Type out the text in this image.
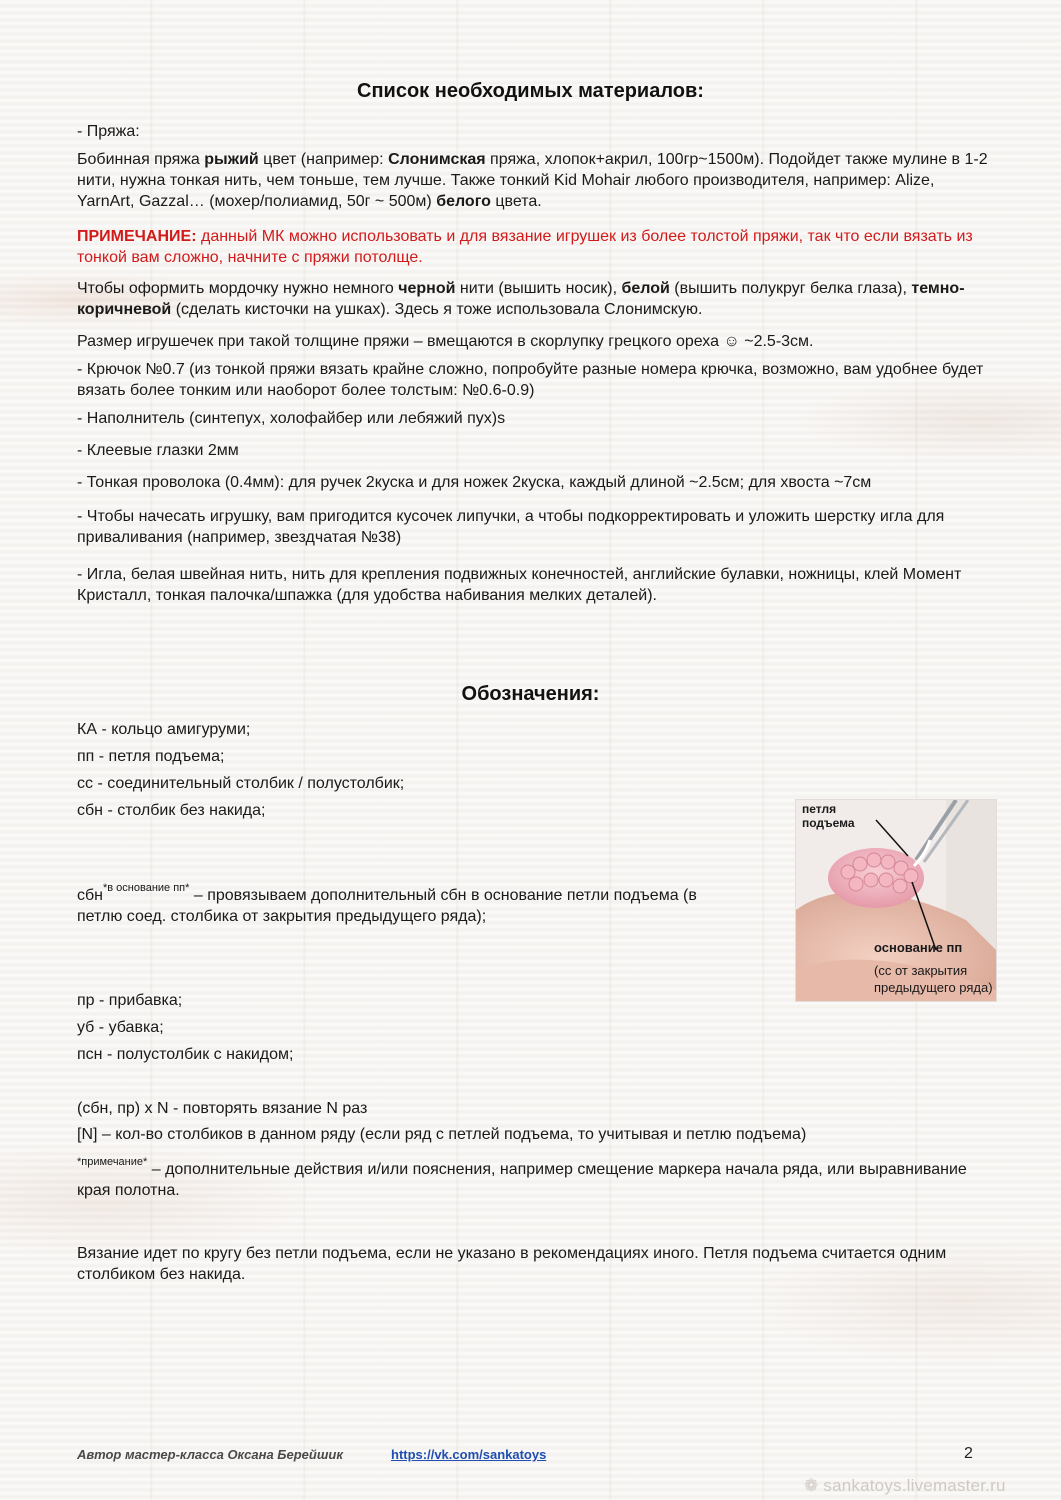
Список необходимых материалов:

- Пряжа:

Бобинная пряжа рыжий цвет (например: Слонимская пряжа, хлопок+акрил, 100гр~1500м). Подойдет также мулине в 1-2 нити, нужна тонкая нить, чем тоньше, тем лучше. Также тонкий Kid Mohair любого производителя, например: Alize, YarnArt, Gazzal… (мохер/полиамид, 50г ~ 500м) белого цвета.

ПРИМЕЧАНИЕ: данный МК можно использовать и для вязание игрушек из более толстой пряжи, так что если вязать из тонкой вам сложно, начните с пряжи потолще.

Чтобы оформить мордочку нужно немного черной нити (вышить носик), белой (вышить полукруг белка глаза), темно-коричневой (сделать кисточки на ушках). Здесь я тоже использовала Слонимскую.

Размер игрушечек при такой толщине пряжи – вмещаются в скорлупку грецкого ореха ☺ ~2.5-3см.

- Крючок №0.7 (из тонкой пряжи вязать крайне сложно, попробуйте разные номера крючка, возможно, вам удобнее будет вязать более тонким или наоборот более толстым: №0.6-0.9)

- Наполнитель (синтепух, холофайбер или лебяжий пух)s

- Клеевые глазки 2мм

- Тонкая проволока (0.4мм): для ручек 2куска и для ножек 2куска, каждый длиной ~2.5см; для хвоста ~7см

- Чтобы начесать игрушку, вам пригодится кусочек липучки, а чтобы подкорректировать и уложить шерстку игла для приваливания (например, звездчатая №38)

- Игла, белая швейная нить, нить для крепления подвижных конечностей, английские булавки, ножницы, клей Момент Кристалл, тонкая палочка/шпажка (для удобства набивания мелких деталей).

Обозначения:

КА - кольцо амигуруми;

пп - петля подъема;

сс - соединительный столбик / полустолбик;

сбн - столбик без накида;

сбн$^{*в основание пп*}$ – провязываем дополнительный сбн в основание петли подъема (в петлю соед. столбика от закрытия предыдущего ряда);

пр - прибавка;

уб - убавка;

псн - полустолбик с накидом;

(сбн, пр) x N - повторять вязание N раз

[N] – кол-во столбиков в данном ряду (если ряд с петлей подъема, то учитывая и петлю подъема)

$^{*примечание*}$ – дополнительные действия и/или пояснения, например смещение маркера начала ряда, или выравнивание края полотна.

Вязание идет по кругу без петли подъема, если не указано в рекомендациях иного. Петля подъема считается одним столбиком без накида.

петля подъема
основание пп
(сс от закрытия предыдущего ряда)
Автор мастер-класса Оксана Берейшик	https://vk.com/sankatoys	2
❁ sankatoys.livemaster.ru
